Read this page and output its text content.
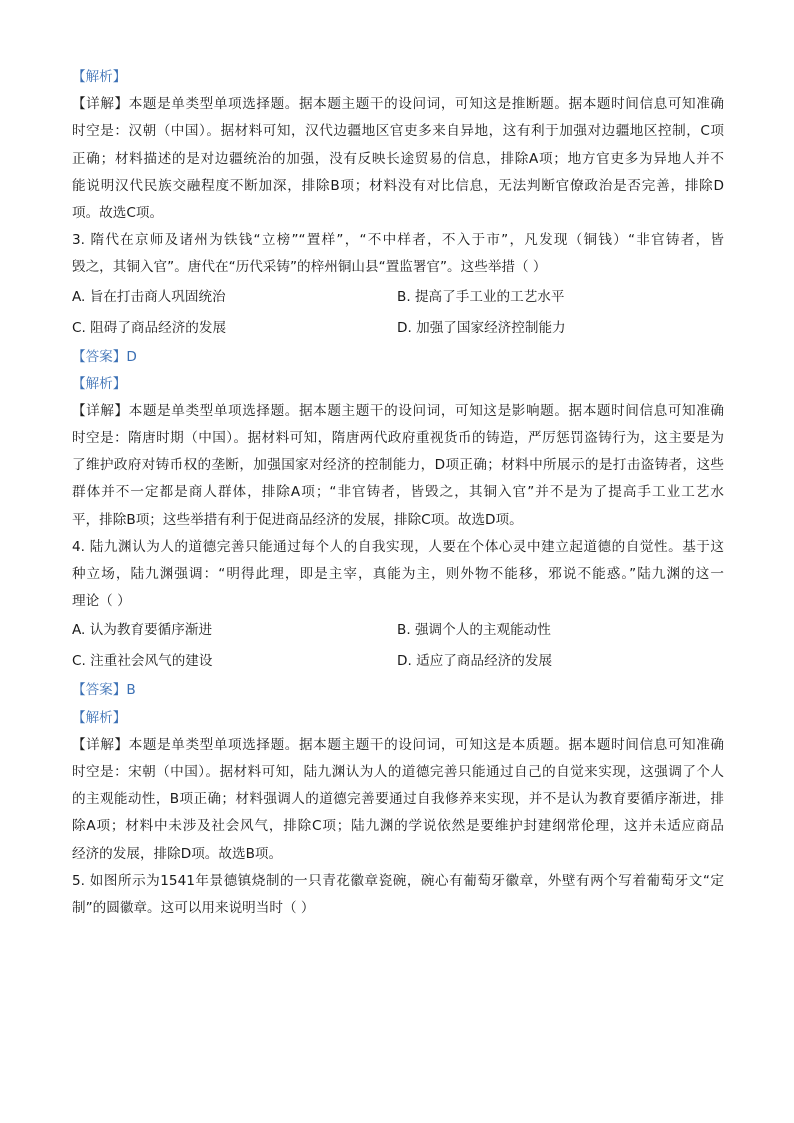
【解析】
【详解】本题是单类型单项选择题。据本题主题干的设问词，可知这是推断题。据本题时间信息可知准确
时空是：汉朝（中国）。据材料可知，汉代边疆地区官吏多来自异地，这有利于加强对边疆地区控制，C项
正确；材料描述的是对边疆统治的加强，没有反映长途贸易的信息，排除A项；地方官吏多为异地人并不
能说明汉代民族交融程度不断加深，排除B项；材料没有对比信息，无法判断官僚政治是否完善，排除D
项。故选C项。
3. 隋代在京师及诸州为铁钱“立榜”“置样”，“不中样者，不入于市”，凡发现（铜钱）“非官铸者，皆
毁之，其铜入官”。唐代在“历代采铸”的梓州铜山县“置监署官”。这些举措（ ）
A. 旨在打击商人巩固统治	B. 提高了手工业的工艺水平
C. 阻碍了商品经济的发展	D. 加强了国家经济控制能力
【答案】D
【解析】
【详解】本题是单类型单项选择题。据本题主题干的设问词，可知这是影响题。据本题时间信息可知准确
时空是：隋唐时期（中国）。据材料可知，隋唐两代政府重视货币的铸造，严厉惩罚盗铸行为，这主要是为
了维护政府对铸币权的垄断，加强国家对经济的控制能力，D项正确；材料中所展示的是打击盗铸者，这些
群体并不一定都是商人群体，排除A项；“非官铸者，皆毁之，其铜入官”并不是为了提高手工业工艺水
平，排除B项；这些举措有利于促进商品经济的发展，排除C项。故选D项。
4. 陆九渊认为人的道德完善只能通过每个人的自我实现，人要在个体心灵中建立起道德的自觉性。基于这
种立场，陆九渊强调：“明得此理，即是主宰，真能为主，则外物不能移，邪说不能惑。”陆九渊的这一
理论（ ）
A. 认为教育要循序渐进	B. 强调个人的主观能动性
C. 注重社会风气的建设	D. 适应了商品经济的发展
【答案】B
【解析】
【详解】本题是单类型单项选择题。据本题主题干的设问词，可知这是本质题。据本题时间信息可知准确
时空是：宋朝（中国）。据材料可知，陆九渊认为人的道德完善只能通过自己的自觉来实现，这强调了个人
的主观能动性，B项正确；材料强调人的道德完善要通过自我修养来实现，并不是认为教育要循序渐进，排
除A项；材料中未涉及社会风气，排除C项；陆九渊的学说依然是要维护封建纲常伦理，这并未适应商品
经济的发展，排除D项。故选B项。
5. 如图所示为1541年景德镇烧制的一只青花徽章瓷碗，碗心有葡萄牙徽章，外壁有两个写着葡萄牙文“定
制”的圆徽章。这可以用来说明当时（ ）
